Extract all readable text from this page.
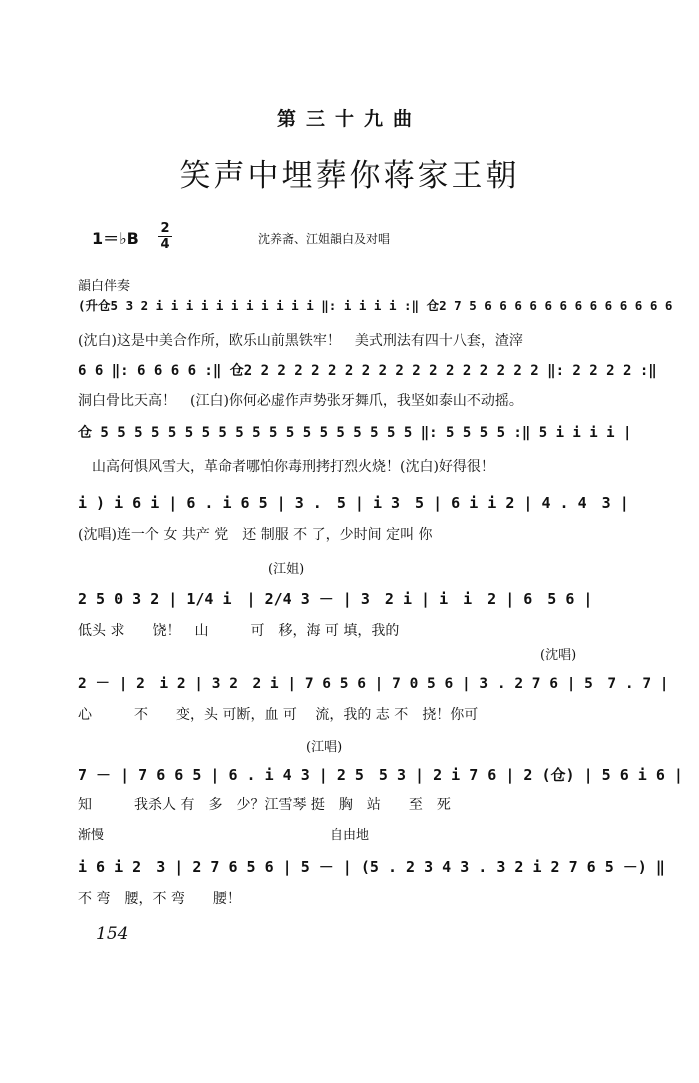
第三十九曲
笑声中埋葬你蒋家王朝
1＝♭B
2
4	沈养斋、江姐韻白及对唱
韻白伴奏
(升仓5 3 2 i i i i i i i i i i i ‖: i i i i :‖ 仓2 7 5 6 6 6 6 6 6 6 6 6 6 6 6 6
(沈白)这是中美合作所，欧乐山前黑铁牢！　美式刑法有四十八套，渣滓
6 6 ‖: 6 6 6 6 :‖ 仓2 2 2 2 2 2 2 2 2 2 2 2 2 2 2 2 2 2 ‖: 2 2 2 2 :‖
洞白骨比天高！　(江白)你何必虚作声势张牙舞爪，我坚如泰山不动摇。
仓 5 5 5 5 5 5 5 5 5 5 5 5 5 5 5 5 5 5 5 ‖: 5 5 5 5 :‖ 5 i i i i |
　山高何惧风雪大，革命者哪怕你毒刑拷打烈火烧！(沈白)好得很！
i ) i 6 i | 6 . i 6 5 | 3 .　5 | i 3　5 | 6 i i 2 | 4 . 4　3 |
(沈唱)连一个 女 共产 党　还 制服 不 了，少时间 定叫 你
(江姐)
2 5 0 3 2 | 1/4 i　| 2/4 3 － | 3　2 i | i　i　2 | 6　5 6 |
低头 求　　饶！　山　　　可　移，海 可 填，我的
(沈唱)
2 － | 2　i 2 | 3 2　2 i | 7 6 5 6 | 7 0 5 6 | 3 . 2 7 6 | 5　7 . 7 |
心　　　不　　变，头 可断，血 可　 流，我的 志 不　挠！你可
(江唱)
7 － | 7 6 6 5 | 6 . i 4 3 | 2 5　5 3 | 2 i 7 6 | 2 (仓) | 5 6 i 6 |
知　　　我杀人 有　多　少？江雪琴 挺　胸　站　　至　死
渐慢	自由地
i 6 i 2　3 | 2 7 6 5 6 | 5 － | (5 . 2 3 4 3 . 3 2 i 2 7 6 5 －) ‖
不 弯　腰，不 弯　　腰！
154
